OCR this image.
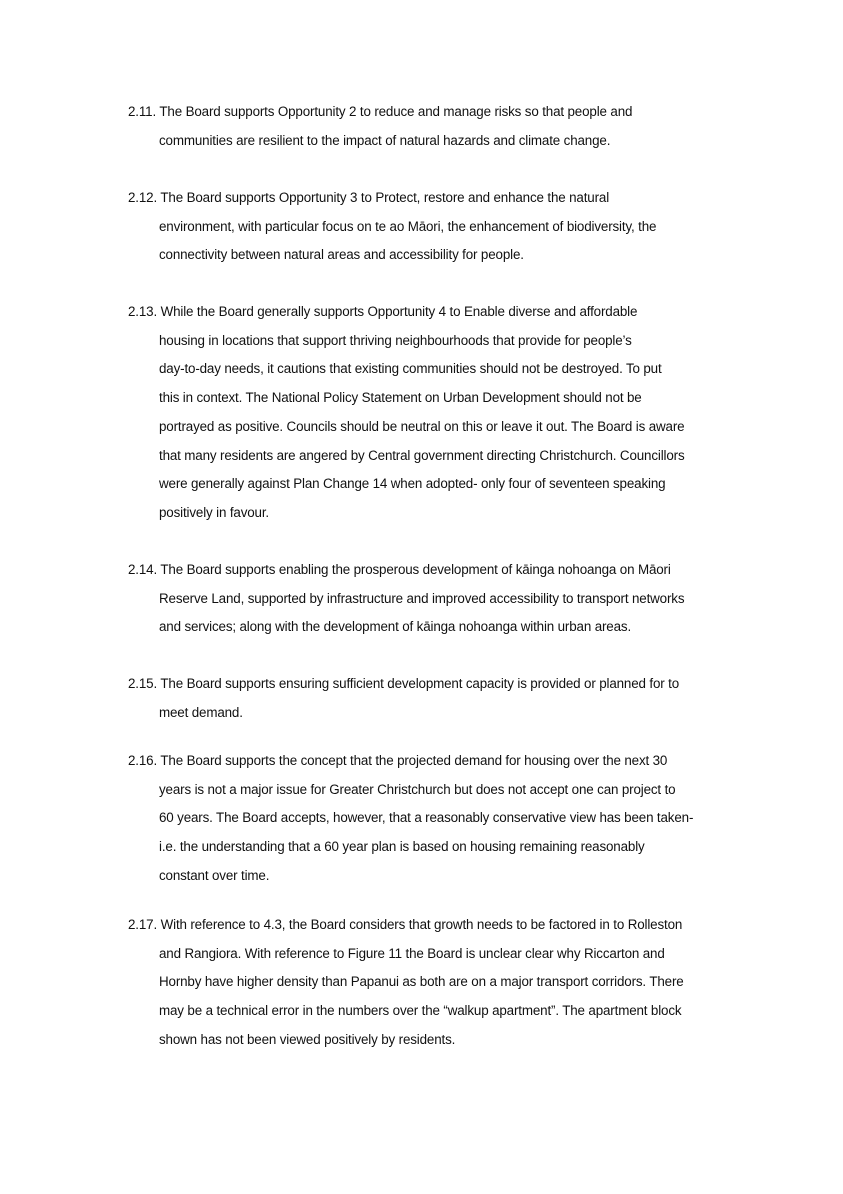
2.11. The Board supports Opportunity 2 to reduce and manage risks so that people and
communities are resilient to the impact of natural hazards and climate change.
2.12. The Board supports Opportunity 3 to Protect, restore and enhance the natural
environment, with particular focus on te ao Māori, the enhancement of biodiversity, the
connectivity between natural areas and accessibility for people.
2.13. While the Board generally supports Opportunity 4 to Enable diverse and affordable
housing in locations that support thriving neighbourhoods that provide for people’s
day-to-day needs, it cautions that existing communities should not be destroyed. To put
this in context. The National Policy Statement on Urban Development should not be
portrayed as positive. Councils should be neutral on this or leave it out. The Board is aware
that many residents are angered by Central government directing Christchurch. Councillors
were generally against Plan Change 14 when adopted- only four of seventeen speaking
positively in favour.
2.14. The Board supports enabling the prosperous development of kāinga nohoanga on Māori
Reserve Land, supported by infrastructure and improved accessibility to transport networks
and services; along with the development of kāinga nohoanga within urban areas.
2.15. The Board supports ensuring sufficient development capacity is provided or planned for to
meet demand.
2.16. The Board supports the concept that the projected demand for housing over the next 30
years is not a major issue for Greater Christchurch but does not accept one can project to
60 years. The Board accepts, however, that a reasonably conservative view has been taken-
i.e. the understanding that a 60 year plan is based on housing remaining reasonably
constant over time.
2.17. With reference to 4.3, the Board considers that growth needs to be factored in to Rolleston
and Rangiora. With reference to Figure 11 the Board is unclear clear why Riccarton and
Hornby have higher density than Papanui as both are on a major transport corridors. There
may be a technical error in the numbers over the “walkup apartment”. The apartment block
shown has not been viewed positively by residents.
